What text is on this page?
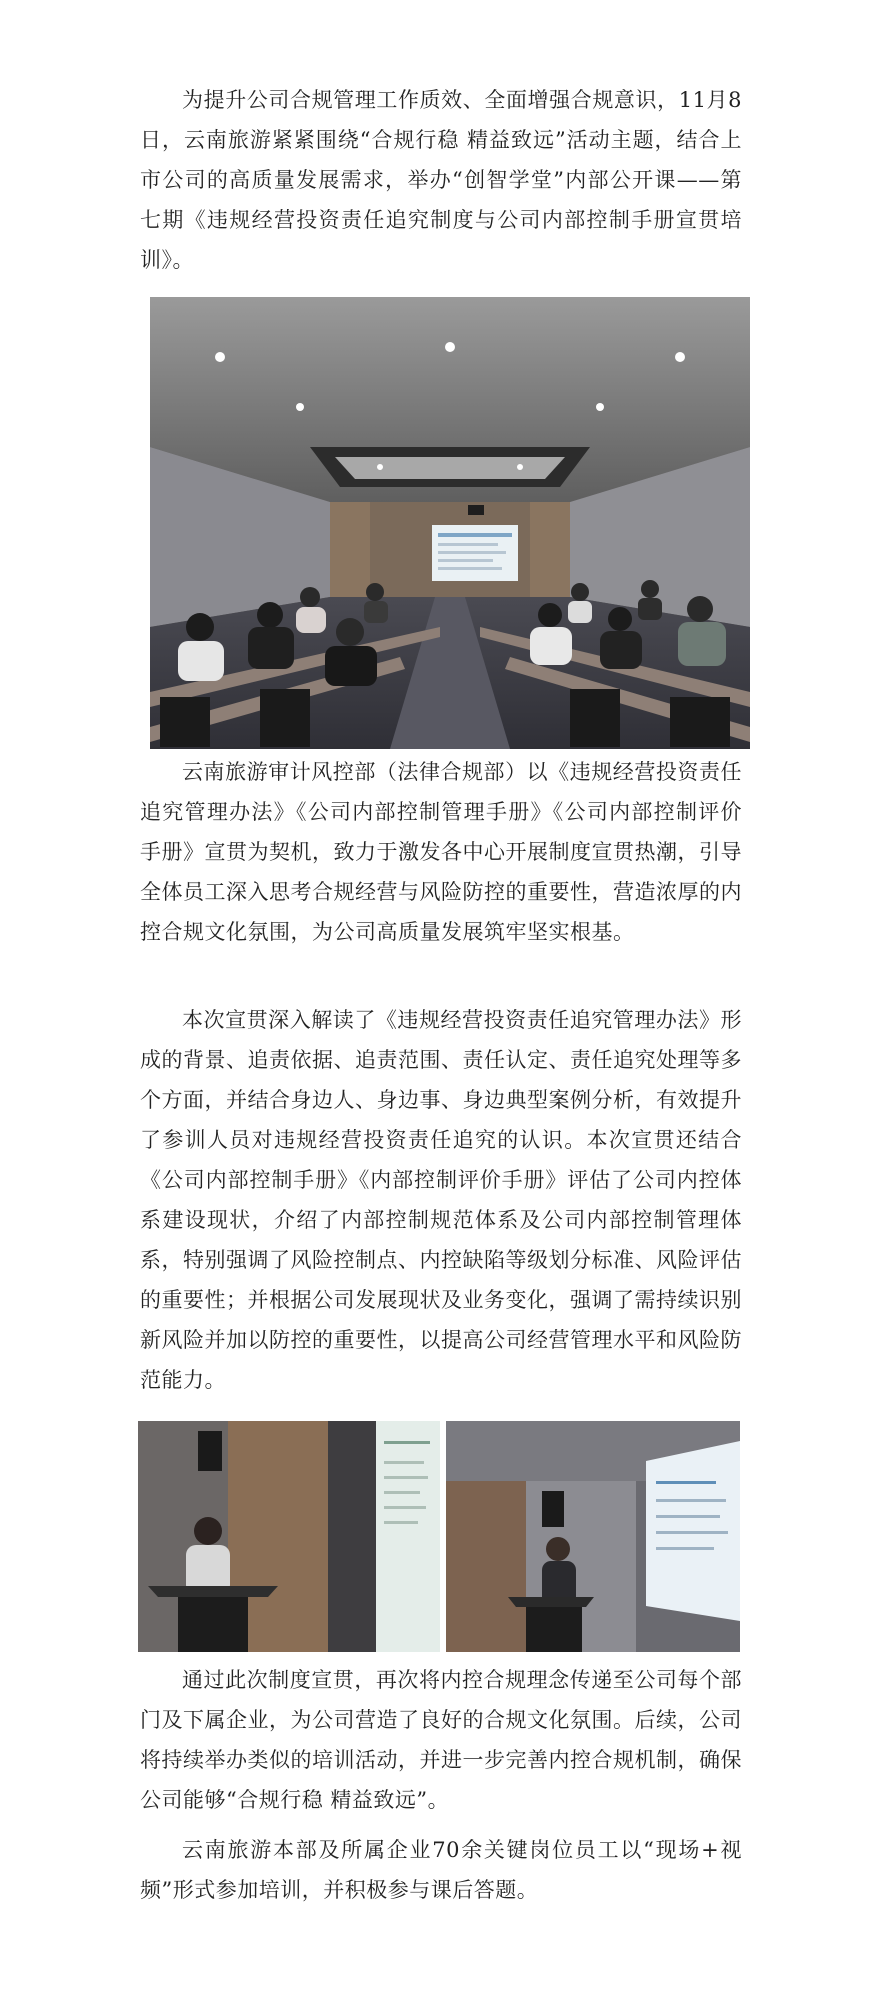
为提升公司合规管理工作质效、全面增强合规意识，11月8日，云南旅游紧紧围绕“合规行稳 精益致远”活动主题，结合上市公司的高质量发展需求，举办“创智学堂”内部公开课——第七期《违规经营投资责任追究制度与公司内部控制手册宣贯培训》。

云南旅游审计风控部（法律合规部）以《违规经营投资责任追究管理办法》《公司内部控制管理手册》《公司内部控制评价手册》宣贯为契机，致力于激发各中心开展制度宣贯热潮，引导全体员工深入思考合规经营与风险防控的重要性，营造浓厚的内控合规文化氛围，为公司高质量发展筑牢坚实根基。

本次宣贯深入解读了《违规经营投资责任追究管理办法》形成的背景、追责依据、追责范围、责任认定、责任追究处理等多个方面，并结合身边人、身边事、身边典型案例分析，有效提升了参训人员对违规经营投资责任追究的认识。本次宣贯还结合《公司内部控制手册》《内部控制评价手册》评估了公司内控体系建设现状，介绍了内部控制规范体系及公司内部控制管理体系，特别强调了风险控制点、内控缺陷等级划分标准、风险评估的重要性；并根据公司发展现状及业务变化，强调了需持续识别新风险并加以防控的重要性，以提高公司经营管理水平和风险防范能力。

通过此次制度宣贯，再次将内控合规理念传递至公司每个部门及下属企业，为公司营造了良好的合规文化氛围。后续，公司将持续举办类似的培训活动，并进一步完善内控合规机制，确保公司能够“合规行稳 精益致远”。

云南旅游本部及所属企业70余关键岗位员工以“现场+视频”形式参加培训，并积极参与课后答题。
